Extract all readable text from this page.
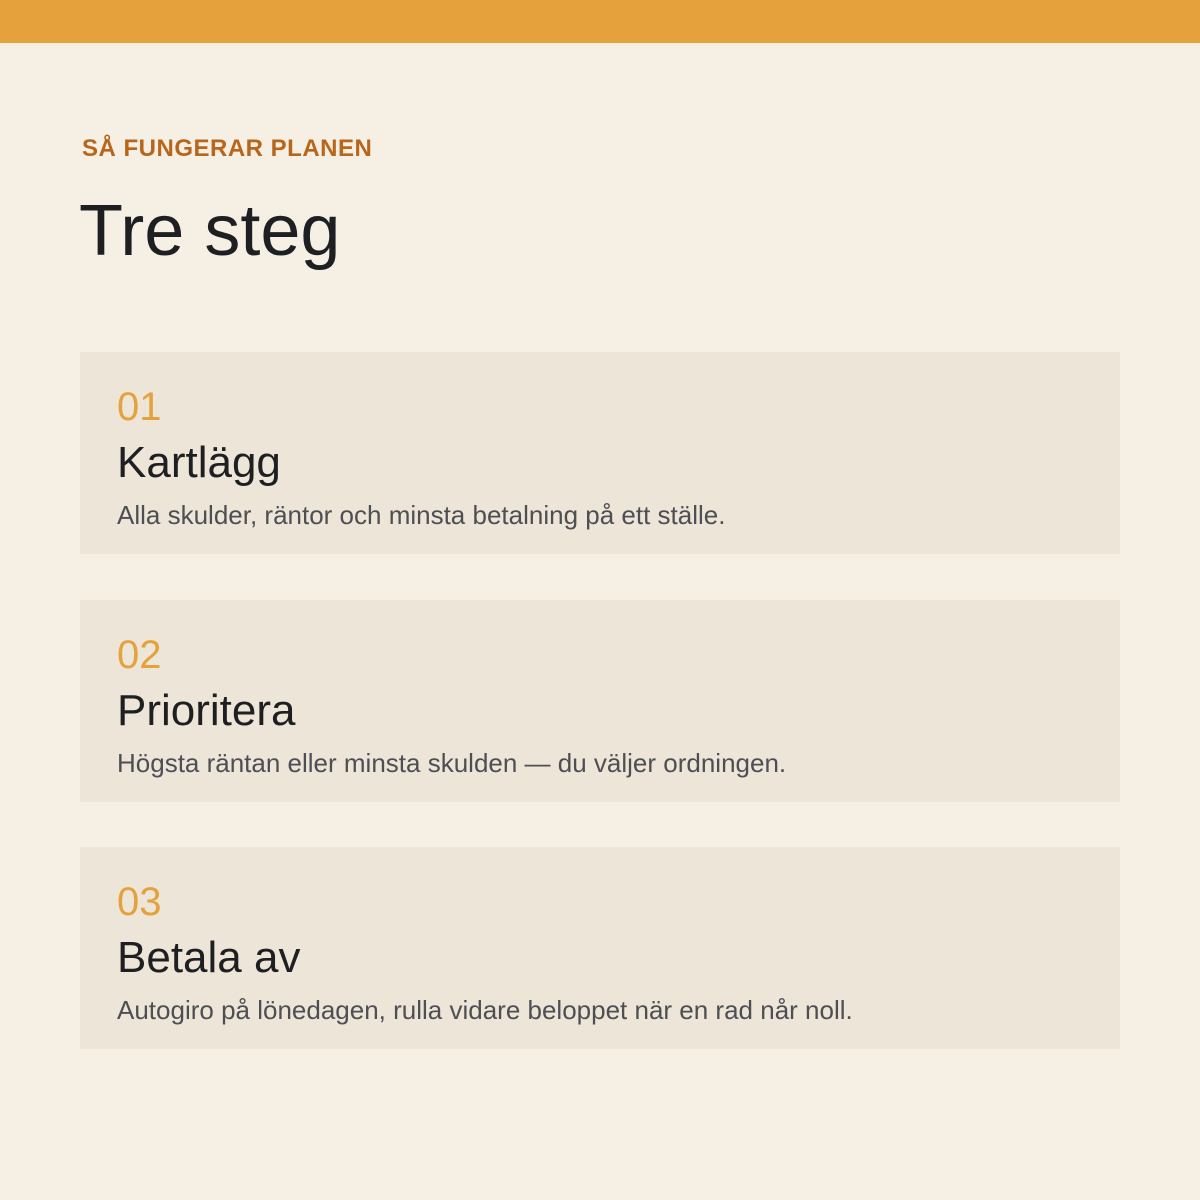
SÅ FUNGERAR PLANEN

Tre steg

01

Kartlägg

Alla skulder, räntor och minsta betalning på ett ställe.

02

Prioritera

Högsta räntan eller minsta skulden — du väljer ordningen.

03

Betala av

Autogiro på lönedagen, rulla vidare beloppet när en rad når noll.
